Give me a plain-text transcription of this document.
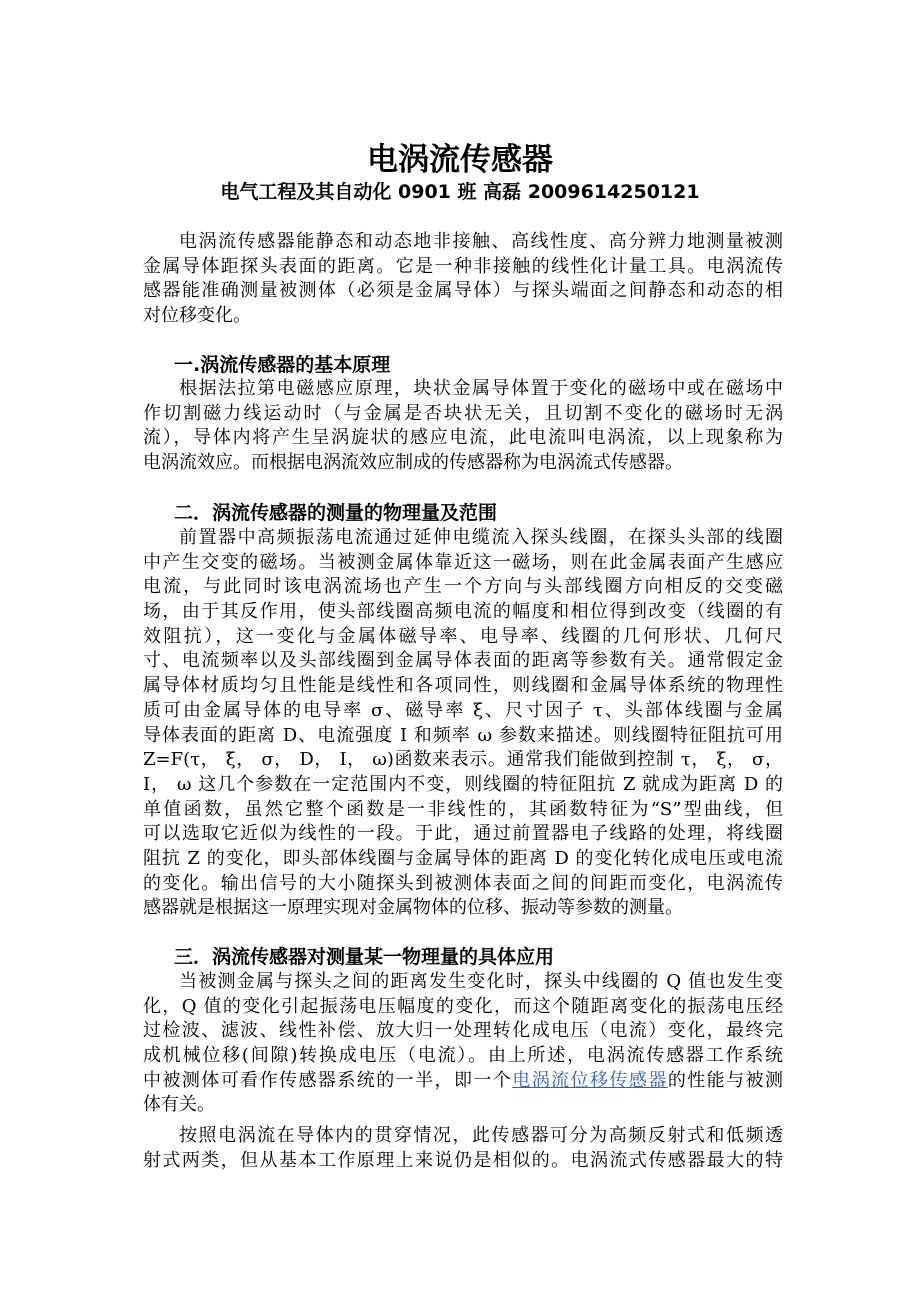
电涡流传感器
电气工程及其自动化 0901 班 高磊 2009614250121
电涡流传感器能静态和动态地非接触、高线性度、高分辨力地测量被测
金属导体距探头表面的距离。它是一种非接触的线性化计量工具。电涡流传
感器能准确测量被测体（必须是金属导体）与探头端面之间静态和动态的相
对位移变化。
一.涡流传感器的基本原理
根据法拉第电磁感应原理，块状金属导体置于变化的磁场中或在磁场中
作切割磁力线运动时（与金属是否块状无关，且切割不变化的磁场时无涡
流），导体内将产生呈涡旋状的感应电流，此电流叫电涡流，以上现象称为
电涡流效应。而根据电涡流效应制成的传感器称为电涡流式传感器。
二．涡流传感器的测量的物理量及范围
前置器中高频振荡电流通过延伸电缆流入探头线圈，在探头头部的线圈
中产生交变的磁场。当被测金属体靠近这一磁场，则在此金属表面产生感应
电流，与此同时该电涡流场也产生一个方向与头部线圈方向相反的交变磁
场，由于其反作用，使头部线圈高频电流的幅度和相位得到改变（线圈的有
效阻抗），这一变化与金属体磁导率、电导率、线圈的几何形状、几何尺
寸、电流频率以及头部线圈到金属导体表面的距离等参数有关。通常假定金
属导体材质均匀且性能是线性和各项同性，则线圈和金属导体系统的物理性
质可由金属导体的电导率 σ、磁导率 ξ、尺寸因子 τ、头部体线圈与金属
导体表面的距离 D、电流强度 I 和频率 ω 参数来描述。则线圈特征阻抗可用
Z=F(τ， ξ， σ， D， I， ω)函数来表示。通常我们能做到控制 τ， ξ， σ，
I， ω 这几个参数在一定范围内不变，则线圈的特征阻抗 Z 就成为距离 D 的
单值函数，虽然它整个函数是一非线性的，其函数特征为“S”型曲线，但
可以选取它近似为线性的一段。于此，通过前置器电子线路的处理，将线圈
阻抗 Z 的变化，即头部体线圈与金属导体的距离 D 的变化转化成电压或电流
的变化。输出信号的大小随探头到被测体表面之间的间距而变化，电涡流传
感器就是根据这一原理实现对金属物体的位移、振动等参数的测量。
三．涡流传感器对测量某一物理量的具体应用
当被测金属与探头之间的距离发生变化时，探头中线圈的 Q 值也发生变
化，Q 值的变化引起振荡电压幅度的变化，而这个随距离变化的振荡电压经
过检波、滤波、线性补偿、放大归一处理转化成电压（电流）变化，最终完
成机械位移(间隙)转换成电压（电流）。由上所述，电涡流传感器工作系统
中被测体可看作传感器系统的一半，即一个电涡流位移传感器的性能与被测
体有关。
按照电涡流在导体内的贯穿情况，此传感器可分为高频反射式和低频透
射式两类，但从基本工作原理上来说仍是相似的。电涡流式传感器最大的特
